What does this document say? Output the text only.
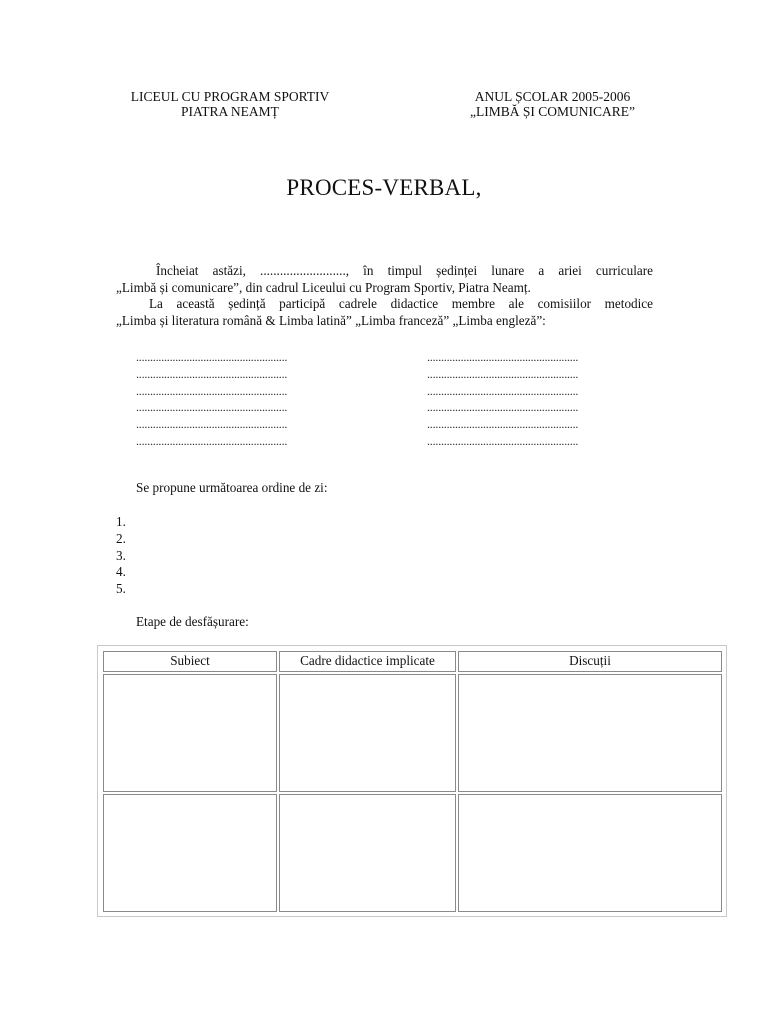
LICEUL CU PROGRAM SPORTIV
PIATRA NEAMȚ
ANUL ȘCOLAR 2005-2006
„LIMBĂ ȘI COMUNICARE”
PROCES-VERBAL,
Încheiat astăzi, .........................., în timpul ședinței lunare a ariei curriculare
„Limbă și comunicare”, din cadrul Liceului cu Program Sportiv, Piatra Neamț.
La această ședință participă cadrele didactice membre ale comisiilor metodice
„Limba și literatura română & Limba latină” „Limba franceză” „Limba engleză”:
......................................................
......................................................
......................................................
......................................................
......................................................
......................................................
......................................................
......................................................
......................................................
......................................................
......................................................
......................................................
Se propune următoarea ordine de zi:
1.
2.
3.
4.
5.
Etape de desfășurare:
Subiect	Cadre didactice implicate	Discuții
